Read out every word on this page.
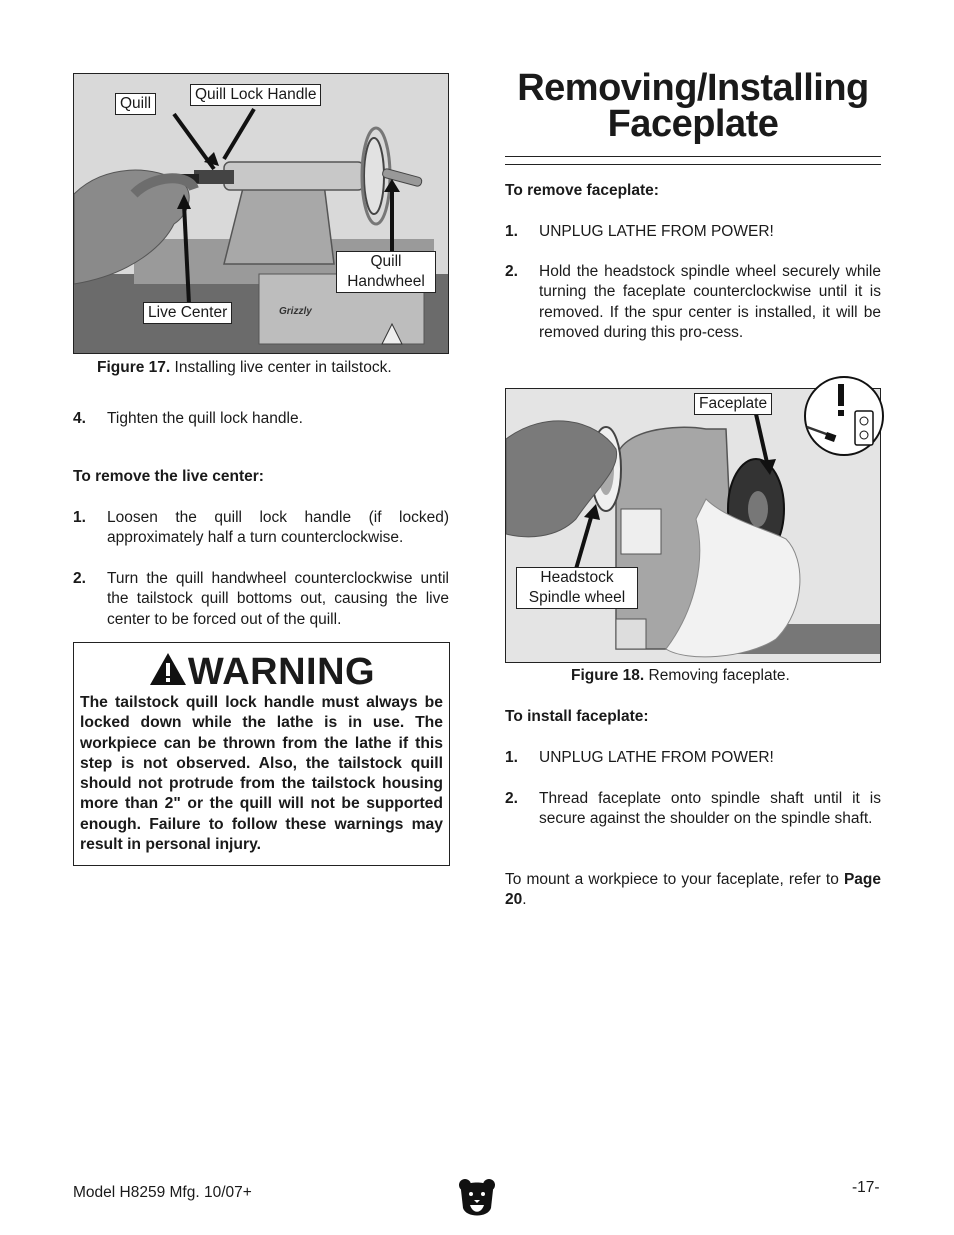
Grizzly
Quill
Quill Lock Handle
Quill
Handwheel
Live Center
Figure 17. Installing live center in tailstock.
4. Tighten the quill lock handle.
To remove the live center:
1. Loosen the quill lock handle (if locked) approximately half a turn counterclockwise.
2. Turn the quill handwheel counterclockwise until the tailstock quill bottoms out, causing the live center to be forced out of the quill.
WARNING
The tailstock quill lock handle must always be locked down while the lathe is in use. The workpiece can be thrown from the lathe if this step is not observed. Also, the tailstock quill should not protrude from the tailstock housing more than 2" or the quill will not be supported enough. Failure to follow these warnings may result in personal injury.
Removing/Installing Faceplate
To remove faceplate:
1. UNPLUG LATHE FROM POWER!
2. Hold the headstock spindle wheel securely while turning the faceplate counterclockwise until it is removed. If the spur center is installed, it will be removed during this pro-cess.
Faceplate
Headstock
Spindle wheel
Figure 18. Removing faceplate.
To install faceplate:
1. UNPLUG LATHE FROM POWER!
2. Thread faceplate onto spindle shaft until it is secure against the shoulder on the spindle shaft.
To mount a workpiece to your faceplate, refer to Page 20.
Model H8259 Mfg. 10/07+	-17-
